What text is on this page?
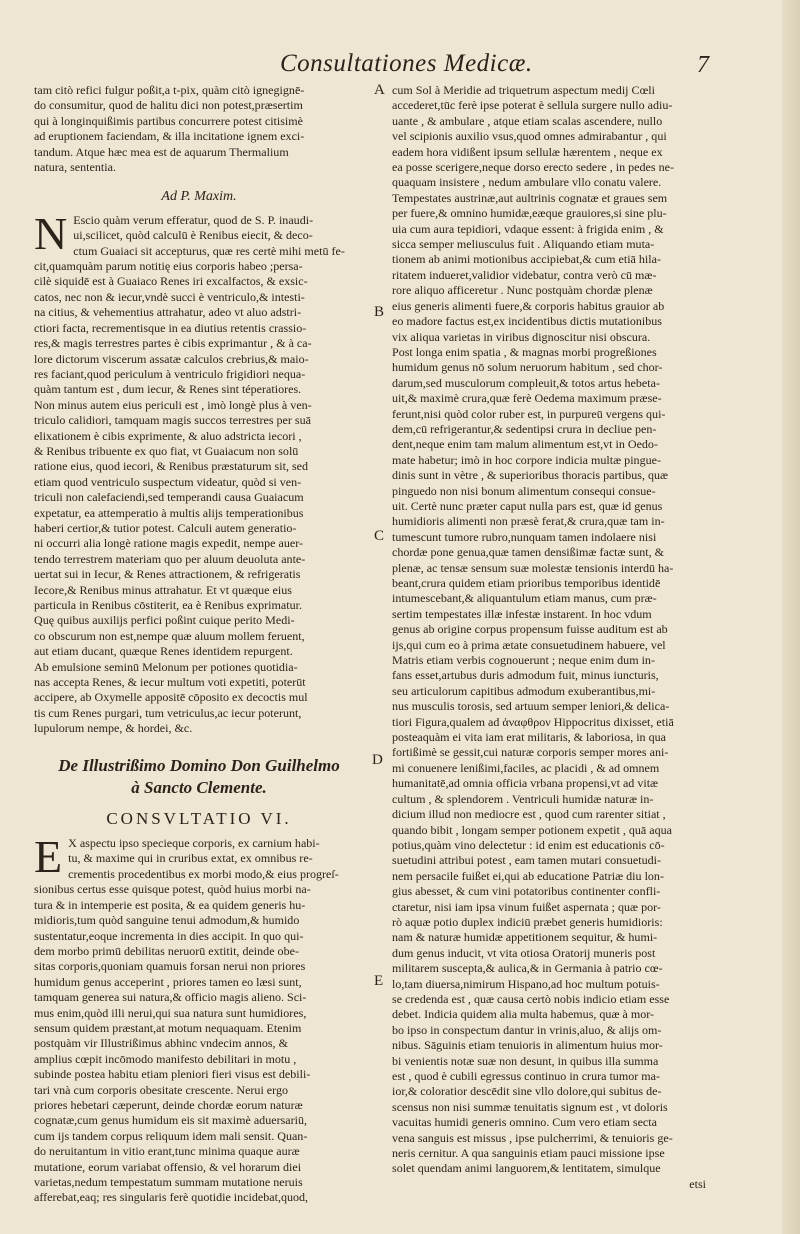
Consultationes Medicæ.	7
A
B
C
D
E

tam citò refici fulgur poßit,a t-pix, quàm citò ignegignē-

do consumitur, quod de halitu dici non potest,præsertim

qui à longinquißimis partibus concurrere potest citisimè

ad eruptionem faciendam, & illa incitatione ignem exci-

tandum. Atque hæc mea est de aquarum Thermalium

natura, sententia.

Ad P. Maxim.
N Escio quàm verum efferatur, quod de S. P. inaudi-

ui,scilicet, quòd calculū è Renibus eiecit, & deco-

ctum Guaiaci sit accepturus, quæ res certè mihi metū fe-

cit,quamquàm parum notitię eius corporis habeo ;persa-

cilè siquidē est à Guaiaco Renes iri excalfactos, & exsic-

catos, nec non & iecur,vndè succi è ventriculo,& intesti-

na citius, & vehementius attrahatur, adeo vt aluo adstri-

ctiori facta, recrementisque in ea diutius retentis crassio-

res,& magis terrestres partes è cibis exprimantur , & à ca-

lore dictorum viscerum assatæ calculos crebrius,& maio-

res faciant,quod periculum à ventriculo frigidiori nequa-

quàm tantum est , dum iecur, & Renes sint téperatiores.

Non minus autem eius periculi est , imò longè plus à ven-

triculo calidiori, tamquam magis succos terrestres per suā

elixationem è cibis exprimente, & aluo adstricta iecori ,

& Renibus tribuente ex quo fiat, vt Guaiacum non solū

ratione eius, quod iecori, & Renibus præstaturum sit, sed

etiam quod ventriculo suspectum videatur, quòd si ven-

triculi non calefaciendi,sed temperandi causa Guaiacum

expetatur, ea attemperatio à multis alijs temperationibus

haberi certior,& tutior potest. Calculi autem generatio-

ni occurri alia longè ratione magis expedit, nempe auer-

tendo terrestrem materiam quo per aluum deuoluta ante-

uertat sui in Iecur, & Renes attractionem, & refrigeratis

Iecore,& Renibus minus attrahatur. Et vt quæque eius

particula in Renibus cōstiterit, ea è Renibus exprimatur.

Quę quibus auxilijs perfici poßint cuique perito Medi-

co obscurum non est,nempe quæ aluum mollem feruent,

aut etiam ducant, quæque Renes identidem repurgent.

Ab emulsione seminū Melonum per potiones quotidia-

nas accepta Renes, & iecur multum voti expetiti, poterūt

accipere, ab Oxymelle appositē cōposito ex decoctis mul

tis cum Renes purgari, tum vetriculus,ac iecur poterunt,

lupulorum nempe, & hordei, &c.

De Illustrißimo Domino Don Guilhelmo
à Sancto Clemente.
CONSVLTATIO VI.
E X aspectu ipso specieque corporis, ex carnium habi-

tu, & maxime qui in cruribus extat, ex omnibus re-

crementis procedentibus ex morbi modo,& eius progreſ-

sionibus certus esse quisque potest, quòd huius morbi na-

tura & in intemperie est posita, & ea quidem generis hu-

midioris,tum quòd sanguine tenui admodum,& humido

sustentatur,eoque incrementa in dies accipit. In quo qui-

dem morbo primū debilitas neruorū extitit, deinde obe-

sitas corporis,quoniam quamuis forsan nerui non priores

humidum genus acceperint , priores tamen eo læsi sunt,

tamquam generea sui natura,& officio magis alieno. Sci-

mus enim,quòd illi nerui,qui sua natura sunt humidiores,

sensum quidem præstant,at motum nequaquam. Etenim

postquàm vir Illustrißimus abhinc vndecim annos, &

amplius cœpit incōmodo manifesto debilitari in motu ,

subinde postea habitu etiam pleniori fieri visus est debili-

tari vnà cum corporis obesitate crescente. Nerui ergo

priores hebetari cæperunt, deinde chordæ eorum naturæ

cognatæ,cum genus humidum eis sit maximè aduersariū,

cum ijs tandem corpus reliquum idem mali sensit. Quan-

do neruitantum in vitio erant,tunc minima quaque auræ

mutatione, eorum variabat offensio, & vel horarum diei

varietas,nedum tempestatum summam mutatione neruis

afferebat,eaq; res singularis ferè quotidie incidebat,quod,

cum Sol à Meridie ad triquetrum aspectum medij Cœli

accederet,tūc ferè ipse poterat è sellula surgere nullo adiu-

uante , & ambulare , atque etiam scalas ascendere, nullo

vel scipionis auxilio vsus,quod omnes admirabantur , qui

eadem hora vidißent ipsum sellulæ hærentem , neque ex

ea posse scerigere,neque dorso erecto sedere , in pedes ne-

quaquam insistere , nedum ambulare vllo conatu valere.

Tempestates austrinæ,aut aultrinis cognatæ et graues sem

per fuere,& omnino humidæ,eæque grauiores,si sine plu-

uia cum aura tepidiori, vdaque essent: à frigida enim , &

sicca semper meliusculus fuit . Aliquando etiam muta-

tionem ab animi motionibus accipiebat,& cum etiā hila-

ritatem indueret,validior videbatur, contra verò cū mæ-

rore aliquo afficeretur . Nunc postquàm chordæ plenæ

eius generis alimenti fuere,& corporis habitus grauior ab

eo madore factus est,ex incidentibus dictis mutationibus

vix aliqua varietas in viribus dignoscitur nisi obscura.

Post longa enim spatia , & magnas morbi progreßiones

humidum genus nō solum neruorum habitum , sed chor-

darum,sed musculorum compleuit,& totos artus hebeta-

uit,& maximè crura,quæ ferè Oedema maximum præse-

ferunt,nisi quòd color ruber est, in purpureū vergens qui-

dem,cū refrigerantur,& sedentipsi crura in decliue pen-

dent,neque enim tam malum alimentum est,vt in Oedo-

mate habetur; imò in hoc corpore indicia multæ pingue-

dinis sunt in vètre , & superioribus thoracis partibus, quæ

pinguedo non nisi bonum alimentum consequi consue-

uit. Certè nunc præter caput nulla pars est, quæ id genus

humidioris alimenti non præsè ferat,& crura,quæ tam in-

tumescunt tumore rubro,nunquam tamen indolaere nisi

chordæ pone genua,quæ tamen densißimæ factæ sunt, &

plenæ, ac tensæ sensum suæ molestæ tensionis interdū ha-

beant,crura quidem etiam prioribus temporibus identidē

intumescebant,& aliquantulum etiam manus, cum præ-

sertim tempestates illæ infestæ instarent. In hoc vdum

genus ab origine corpus propensum fuisse auditum est ab

ijs,qui cum eo à prima ætate consuetudinem habuere, vel

Matris etiam verbis cognouerunt ; neque enim dum in-

fans esset,artubus duris admodum fuit, minus iuncturis,

seu articulorum capitibus admodum exuberantibus,mi-

nus musculis torosis, sed artuum semper leniori,& delica-

tiori Figura,qualem ad ἀναφθρον Hippocritus dixisset, etiā

posteaquàm ei vita iam erat militaris, & laboriosa, in qua

fortißimè se gessit,cui naturæ corporis semper mores ani-

mi conuenere lenißimi,faciles, ac placidi , & ad omnem

humanitatē,ad omnia officia vrbana propensi,vt ad vitæ

cultum , & splendorem . Ventriculi humidæ naturæ in-

dicium illud non mediocre est , quod cum rarenter sitiat ,

quando bibit , longam semper potionem expetit , quā aqua

potius,quàm vino delectetur : id enim est educationis cō-

suetudini attribui potest , eam tamen mutari consuetudi-

nem persacile fuißet ei,qui ab educatione Patriæ diu lon-

gius abesset, & cum vini potatoribus continenter confli-

ctaretur, nisi iam ipsa vinum fuißet aspernata ; quæ por-

rò aquæ potio duplex indiciū præbet generis humidioris:

nam & naturæ humidæ appetitionem sequitur, & humi-

dum genus inducit, vt vita otiosa Oratorij muneris post

militarem suscepta,& aulica,& in Germania à patrio cœ-

lo,tam diuersa,nimirum Hispano,ad hoc multum potuis-

se credenda est , quæ causa certò nobis indicio etiam esse

debet. Indicia quidem alia multa habemus, quæ à mor-

bo ipso in conspectum dantur in vrinis,aluo, & alijs om-

nibus. Sāguinis etiam tenuioris in alimentum huius mor-

bi venientis notæ suæ non desunt, in quibus illa summa

est , quod è cubili egressus continuo in crura tumor ma-

ior,& coloratior descēdit sine vllo dolore,qui subitus de-

scensus non nisi summæ tenuitatis signum est , vt doloris

vacuitas humidi generis omnino. Cum vero etiam secta

vena sanguis est missus , ipse pulcherrimi, & tenuioris ge-

neris cernitur. A qua sanguinis etiam pauci missione ipse

solet quendam animi languorem,& lentitatem, simulque

etsi
